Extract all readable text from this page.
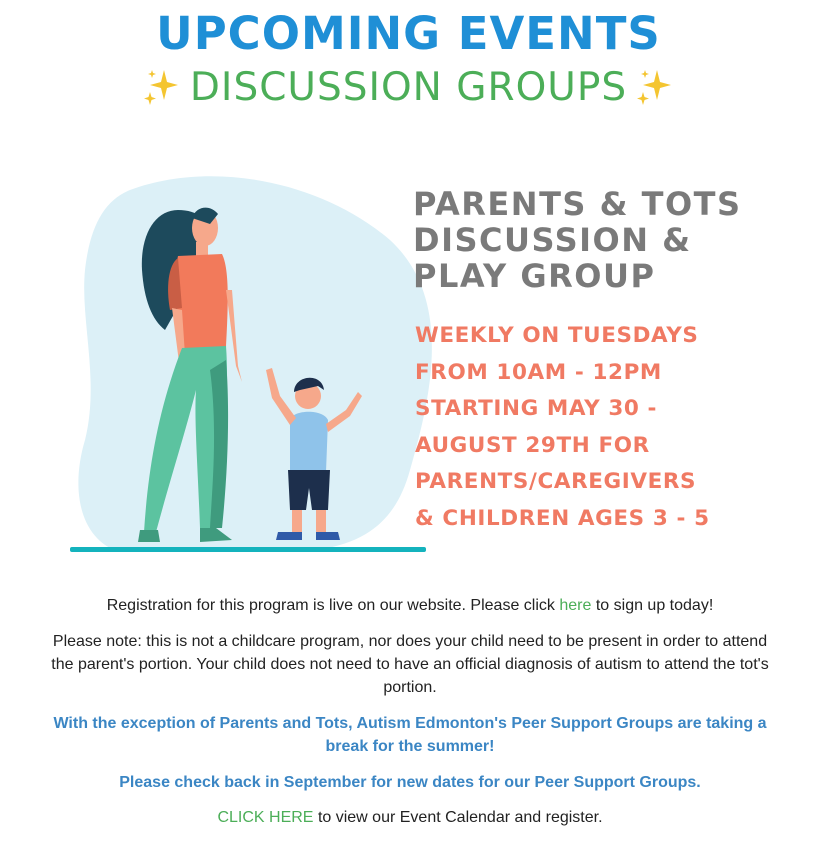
UPCOMING EVENTS
DISCUSSION GROUPS
PARENTS & TOTS
DISCUSSION &
PLAY GROUP
WEEKLY ON TUESDAYS
FROM 10AM - 12PM
STARTING MAY 30 -
AUGUST 29TH FOR
PARENTS/CAREGIVERS
& CHILDREN AGES 3 - 5
Registration for this program is live on our website. Please click here to sign up today!
Please note: this is not a childcare program, nor does your child need to be present in order to attend the parent's portion. Your child does not need to have an official diagnosis of autism to attend the tot's portion.
With the exception of Parents and Tots, Autism Edmonton's Peer Support Groups are taking a break for the summer!
Please check back in September for new dates for our Peer Support Groups.
CLICK HERE to view our Event Calendar and register.
